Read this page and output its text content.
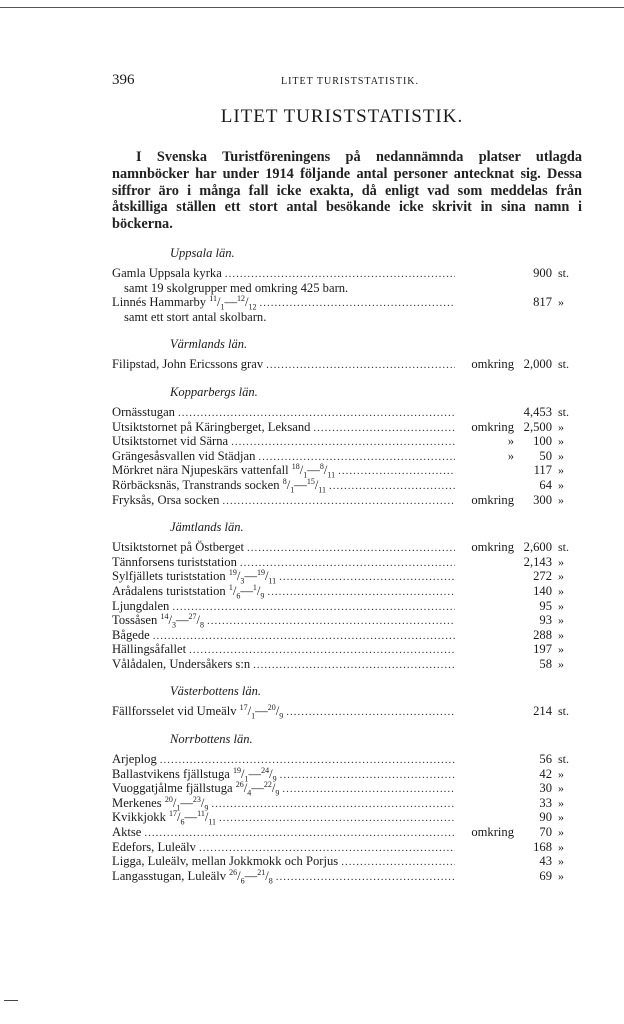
396	LITET TURISTSTATISTIK.
LITET TURISTSTATISTIK.
I Svenska Turistföreningens på nedannämnda platser utlagda namnböcker har under 1914 följande antal personer antecknat sig. Dessa siffror äro i många fall icke exakta, då enligt vad som meddelas från åtskilliga ställen ett stort antal besökande icke skrivit in sina namn i böckerna.
Uppsala län.
Gamla Uppsala kyrka .....	900 st.
samt 19 skolgrupper med omkring 425 barn.
Linnés Hammarby $^{11}/_1—^{12}/_{12}$ .....	817 »
samt ett stort antal skolbarn.
Värmlands län.
Filipstad, John Ericssons grav .....	omkring 2,000 st.
Kopparbergs län.
Ornässtugan .....	4,453 st.
Utsiktstornet på Käringberget, Leksand .....	omkring 2,500 »
Utsiktstornet vid Särna .....	»	100 »
Grängesåsvallen vid Städjan .....	»	50 »
Mörkret nära Njupeskärs vattenfall $^{18}/_1—^8/_{11}$ .....	117 »
Rörbäcksnäs, Transtrands socken $^8/_1—^{15}/_{11}$ .....	64 »
Fryksås, Orsa socken .....	omkring	300 »
Jämtlands län.
Utsiktstornet på Östberget .....	omkring 2,600 st.
Tännforsens turiststation .....	2,143 »
Sylfjällets turiststation $^{19}/_3—^{19}/_{11}$ .....	272 »
Arådalens turiststation $^1/_6—^1/_9$ .....	140 »
Ljungdalen .....	95 »
Tossåsen $^{14}/_3—^{27}/_8$ .....	93 »
Bågede .....	288 »
Hällingsåfallet .....	197 »
Vålådalen, Undersåkers s:n .....	58 »
Västerbottens län.
Fällforsselet vid Umeälv $^{17}/_1—^{20}/_9$ .....	214 st.
Norrbottens län.
Arjeplog .....	56 st.
Ballastvikens fjällstuga $^{19}/_1—^{24}/_9$ .....	42 »
Vuoggatjålme fjällstuga $^{26}/_4—^{22}/_9$ .....	30 »
Merkenes $^{20}/_1—^{23}/_9$ .....	33 »
Kvikkjokk $^{17}/_6—^{11}/_{11}$ .....	90 »
Aktse .....	omkring	70 »
Edefors, Luleälv .....	168 »
Ligga, Luleälv, mellan Jokkmokk och Porjus .....	43 »
Langasstugan, Luleälv $^{26}/_6—^{21}/_8$ .....	69 »
